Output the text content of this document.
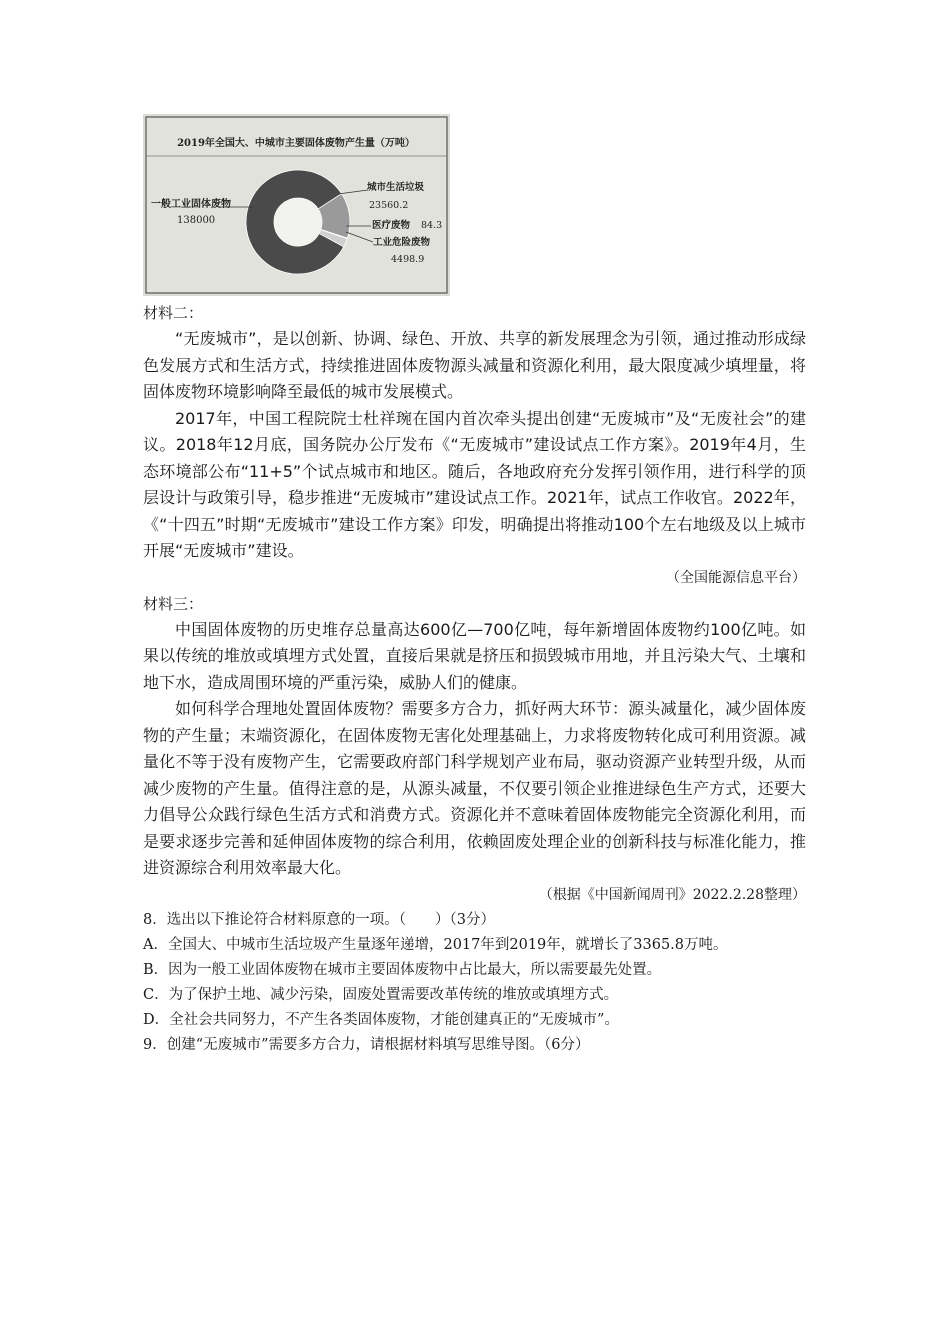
2019年全国大、中城市主要固体废物产生量（万吨）
一般工业固体废物
138000
城市生活垃圾
23560.2
医疗废物 84.3
工业危险废物
4498.9
材料二：

“无废城市”，是以创新、协调、绿色、开放、共享的新发展理念为引领，通过推动形成绿色发展方式和生活方式，持续推进固体废物源头减量和资源化利用，最大限度减少填埋量，将固体废物环境影响降至最低的城市发展模式。

2017年，中国工程院院士杜祥琬在国内首次牵头提出创建“无废城市”及“无废社会”的建议。2018年12月底，国务院办公厅发布《“无废城市”建设试点工作方案》。2019年4月，生态环境部公布“11+5”个试点城市和地区。随后，各地政府充分发挥引领作用，进行科学的顶层设计与政策引导，稳步推进“无废城市”建设试点工作。2021年，试点工作收官。2022年，《“十四五”时期“无废城市”建设工作方案》印发，明确提出将推动100个左右地级及以上城市开展“无废城市”建设。

（全国能源信息平台）
材料三：

中国固体废物的历史堆存总量高达600亿—700亿吨，每年新增固体废物约100亿吨。如果以传统的堆放或填埋方式处置，直接后果就是挤压和损毁城市用地，并且污染大气、土壤和地下水，造成周围环境的严重污染，威胁人们的健康。

如何科学合理地处置固体废物？需要多方合力，抓好两大环节：源头减量化，减少固体废物的产生量；末端资源化，在固体废物无害化处理基础上，力求将废物转化成可利用资源。减量化不等于没有废物产生，它需要政府部门科学规划产业布局，驱动资源产业转型升级，从而减少废物的产生量。值得注意的是，从源头减量，不仅要引领企业推进绿色生产方式，还要大力倡导公众践行绿色生活方式和消费方式。资源化并不意味着固体废物能完全资源化利用，而是要求逐步完善和延伸固体废物的综合利用，依赖固废处理企业的创新科技与标准化能力，推进资源综合利用效率最大化。

（根据《中国新闻周刊》2022.2.28整理）

8．选出以下推论符合材料原意的一项。（　　）（3分）

A．全国大、中城市生活垃圾产生量逐年递增，2017年到2019年，就增长了3365.8万吨。

B．因为一般工业固体废物在城市主要固体废物中占比最大，所以需要最先处置。

C．为了保护土地、减少污染，固废处置需要改革传统的堆放或填埋方式。

D．全社会共同努力，不产生各类固体废物，才能创建真正的“无废城市”。

9．创建“无废城市”需要多方合力，请根据材料填写思维导图。（6分）
